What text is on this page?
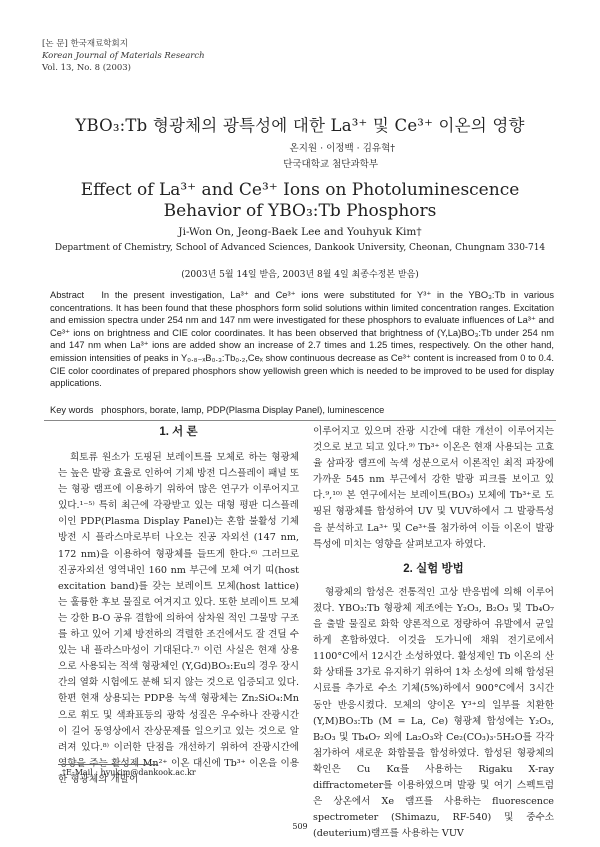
[논 문] 한국재료학회지
Korean Journal of Materials Research
Vol. 13, No. 8 (2003)
YBO₃:Tb 형광체의 광특성에 대한 La³⁺ 및 Ce³⁺ 이온의 영향
온지원 · 이정백 · 김유혁†
단국대학교 첨단과학부
Effect of La³⁺ and Ce³⁺ Ions on Photoluminescence
Behavior of YBO₃:Tb Phosphors
Ji-Won On, Jeong-Baek Lee and Youhyuk Kim†
Department of Chemistry, School of Advanced Sciences, Dankook University, Cheonan, Chungnam 330-714
(2003년 5월 14일 받음, 2003년 8월 4일 최종수정본 받음)
Abstract In the present investigation, La³⁺ and Ce³⁺ ions were substituted for Y³⁺ in the YBO₃:Tb in various concentrations. It has been found that these phosphors form solid solutions within limited concentration ranges. Excitation and emission spectra under 254 nm and 147 nm were investigated for these phosphors to evaluate influences of La³⁺ and Ce³⁺ ions on brightness and CIE color coordinates. It has been observed that brightness of (Y,La)BO₃:Tb under 254 nm and 147 nm when La³⁺ ions are added show an increase of 2.7 times and 1.25 times, respectively. On the other hand, emission intensities of peaks in Y₀.₈₋ₓB₀.₃:Tb₀.₂,Ceₓ show continuous decrease as Ce³⁺ content is increased from 0 to 0.4. CIE color coordinates of prepared phosphors show yellowish green which is needed to be improved to be used for display applications.
Key words phosphors, borate, lamp, PDP(Plasma Display Panel), luminescence
1. 서 론

희토류 원소가 도핑된 보레이트를 모체로 하는 형광체는 높은 발광 효율로 인하여 기체 방전 디스플레이 패널 또는 형광 램프에 이용하기 위하여 많은 연구가 이루어지고 있다.¹⁻⁵⁾ 특히 최근에 각광받고 있는 대형 평판 디스플레이인 PDP(Plasma Display Panel)는 혼합 불활성 기체 방전 시 플라스마로부터 나오는 진공 자외선 (147 nm, 172 nm)을 이용하여 형광체를 들뜨게 한다.⁶⁾ 그러므로 진공자외선 영역내인 160 nm 부근에 모체 여기 띠(host excitation band)를 갖는 보레이트 모체(host lattice)는 훌륭한 후보 물질로 여겨지고 있다. 또한 보레이트 모체는 강한 B-O 공유 결합에 의하여 삼차원 적인 그물망 구조를 하고 있어 기체 방전하의 격렬한 조건에서도 잘 견딜 수 있는 내 플라스마성이 기대된다.⁷⁾ 이런 사실은 현재 상용으로 사용되는 적색 형광체인 (Y,Gd)BO₃:Eu의 경우 장시간의 열화 시험에도 분해 되지 않는 것으로 입증되고 있다. 한편 현재 상용되는 PDP용 녹색 형광체는 Zn₂SiO₄:Mn으로 휘도 및 색좌표등의 광학 성질은 우수하나 잔광시간이 길어 동영상에서 잔상문제를 일으키고 있는 것으로 알려져 있다.⁸⁾ 이러한 단점을 개선하기 위하여 잔광시간에 영향을 주는 활성제 Mn²⁺ 이온 대신에 Tb³⁺ 이온을 이용한 형광체의 개발이

이루어지고 있으며 잔광 시간에 대한 개선이 이루어지는 것으로 보고 되고 있다.⁹⁾ Tb³⁺ 이온은 현재 사용되는 고효율 삼파장 램프에 녹색 성분으로서 이론적인 최적 파장에 가까운 545 nm 부근에서 강한 발광 피크를 보이고 있다.⁹,¹⁰⁾ 본 연구에서는 보레이트(BO₃) 모체에 Tb³⁺로 도핑된 형광체를 합성하여 UV 및 VUV하에서 그 발광특성을 분석하고 La³⁺ 및 Ce³⁺를 첨가하여 이들 이온이 발광특성에 미치는 영향을 살펴보고자 하였다.

2. 실험 방법

형광체의 합성은 전통적인 고상 반응법에 의해 이루어졌다. YBO₃:Tb 형광체 제조에는 Y₂O₃, B₂O₃ 및 Tb₄O₇을 출발 물질로 화학 양론적으로 정량하여 유발에서 균일하게 혼합하였다. 이것을 도가니에 채워 전기로에서 1100°C에서 12시간 소성하였다. 활성제인 Tb 이온의 산화 상태를 3가로 유지하기 위하여 1차 소성에 의해 합성된 시료를 추가로 수소 기체(5%)하에서 900°C에서 3시간 동안 반응시켰다. 모체의 양이온 Y³⁺의 일부를 치환한 (Y,M)BO₃:Tb (M = La, Ce) 형광체 합성에는 Y₂O₃, B₂O₃ 및 Tb₄O₇ 외에 La₂O₃와 Ce₂(CO₃)₃·5H₂O를 각각 첨가하여 새로운 화합물을 합성하였다. 합성된 형광체의 확인은 Cu Kα를 사용하는 Rigaku X-ray diffractometer를 이용하였으며 발광 및 여기 스펙트럼은 상온에서 Xe 램프를 사용하는 fluorescence spectrometer (Shimazu, RF-540) 및 중수소(deuterium)램프를 사용하는 VUV

†E-Mail : hyukim@dankook.ac.kr
509
